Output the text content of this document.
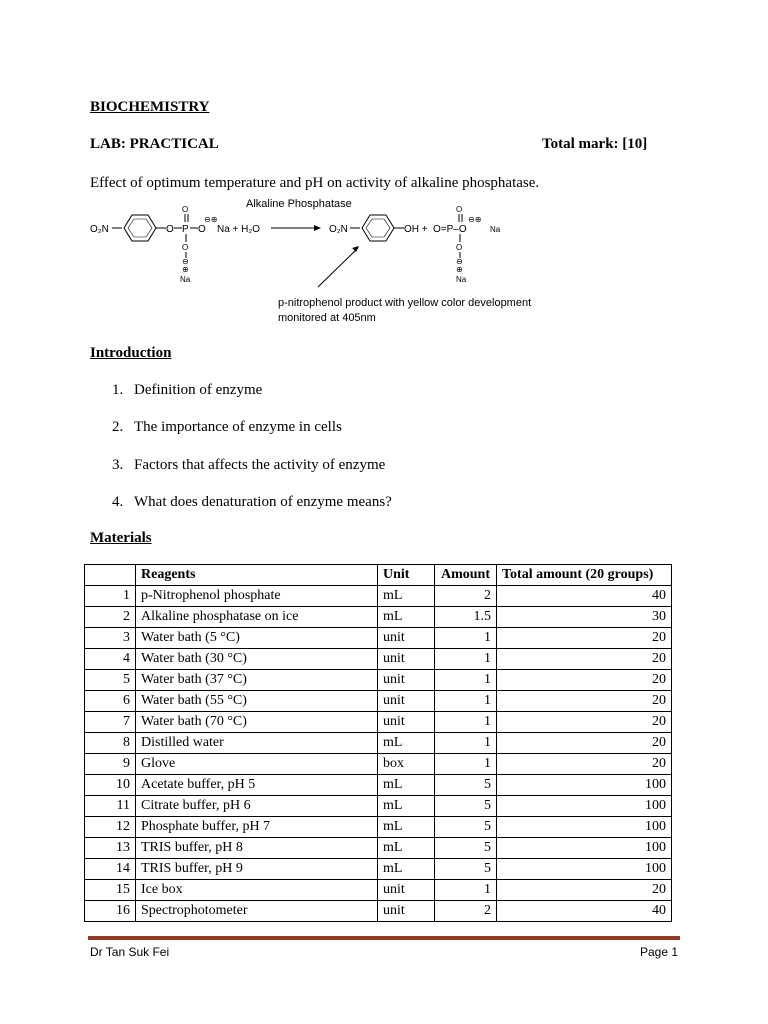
BIOCHEMISTRY
LAB: PRACTICAL	Total mark: [10]
Effect of optimum temperature and pH on activity of alkaline phosphatase.
Alkaline Phosphatase
O₂N	O P
O
O
⊖⊕
Na + H₂O
O
⊖
⊕
Na
O₂N	OH + O=P–O
O
⊖⊕
Na
O
⊖
⊕
Na
p-nitrophenol product with yellow color development
monitored at 405nm
Introduction
1. Definition of enzyme
2. The importance of enzyme in cells
3. Factors that affects the activity of enzyme
4. What does denaturation of enzyme means?
Materials
	Reagents	Unit	Amount	Total amount (20 groups)
1	p-Nitrophenol phosphate	mL	2	40
2	Alkaline phosphatase on ice	mL	1.5	30
3	Water bath (5 °C)	unit	1	20
4	Water bath (30 °C)	unit	1	20
5	Water bath (37 °C)	unit	1	20
6	Water bath (55 °C)	unit	1	20
7	Water bath (70 °C)	unit	1	20
8	Distilled water	mL	1	20
9	Glove	box	1	20
10	Acetate buffer, pH 5	mL	5	100
11	Citrate buffer, pH 6	mL	5	100
12	Phosphate buffer, pH 7	mL	5	100
13	TRIS buffer, pH 8	mL	5	100
14	TRIS buffer, pH 9	mL	5	100
15	Ice box	unit	1	20
16	Spectrophotometer	unit	2	40
Dr Tan Suk Fei	Page 1
